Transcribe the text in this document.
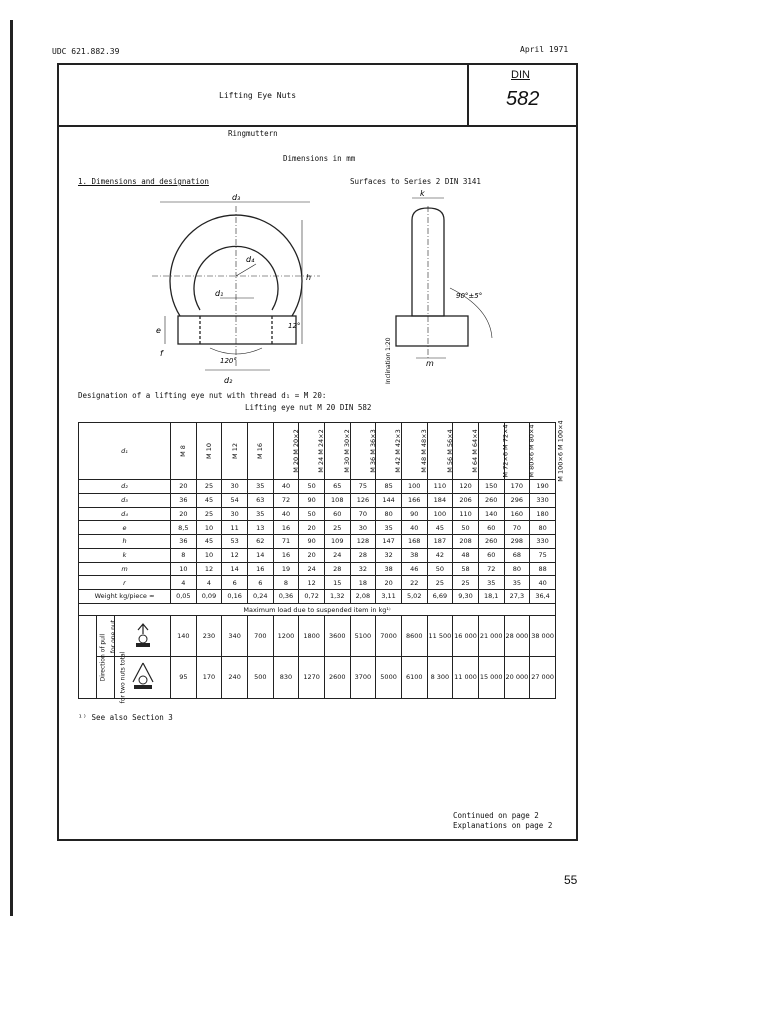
UDC 621.882.39	April 1971
Lifting Eye Nuts
DIN
582
Ringmuttern
Dimensions in mm
1. Dimensions and designation	Surfaces to Series 2 DIN 3141
d₃
d₄
d₁
h
e
f
12°
120°
d₂
k
90°±5°
m
Inclination 1:20
Designation of a lifting eye nut with thread d₁ = M 20:
Lifting eye nut M 20 DIN 582
d₁			M 8	M 10	M 12	M 16	M 20 M 20×2	M 24 M 24×2	M 30 M 30×2	M 36 M 36×3	M 42 M 42×3	M 48 M 48×3	M 56 M 56×4	M 64 M 64×4	M 72×6 M 72×4	M 80×6 M 80×4	M 100×6 M 100×4
d₂			20	25	30	35	40	50	65	75	85	100	110	120	150	170	190
d₃			36	45	54	63	72	90	108	126	144	166	184	206	260	296	330
d₄			20	25	30	35	40	50	60	70	80	90	100	110	140	160	180
e			8,5	10	11	13	16	20	25	30	35	40	45	50	60	70	80
h			36	45	53	62	71	90	109	128	147	168	187	208	260	298	330
k			8	10	12	14	16	20	24	28	32	38	42	48	60	68	75
m			10	12	14	16	19	24	28	32	38	46	50	58	72	80	88
r			4	4	6	6	8	12	15	18	20	22	25	25	35	35	40
Weight kg/piece ≈			0,05	0,09	0,16	0,24	0,36	0,72	1,32	2,08	3,11	5,02	6,69	9,30	18,1	27,3	36,4
Maximum load due to suspended item in kg¹⁾																	
Direction of pull	for one nut		140	230	340	700	1200	1800	3600	5100	7000	8600	11 500	16 000	21 000	28 000	38 000
	for two nuts total		95	170	240	500	830	1270	2600	3700	5000	6100	8 300	11 000	15 000	20 000	27 000
¹⁾ See also Section 3
Continued on page 2
Explanations on page 2
55
